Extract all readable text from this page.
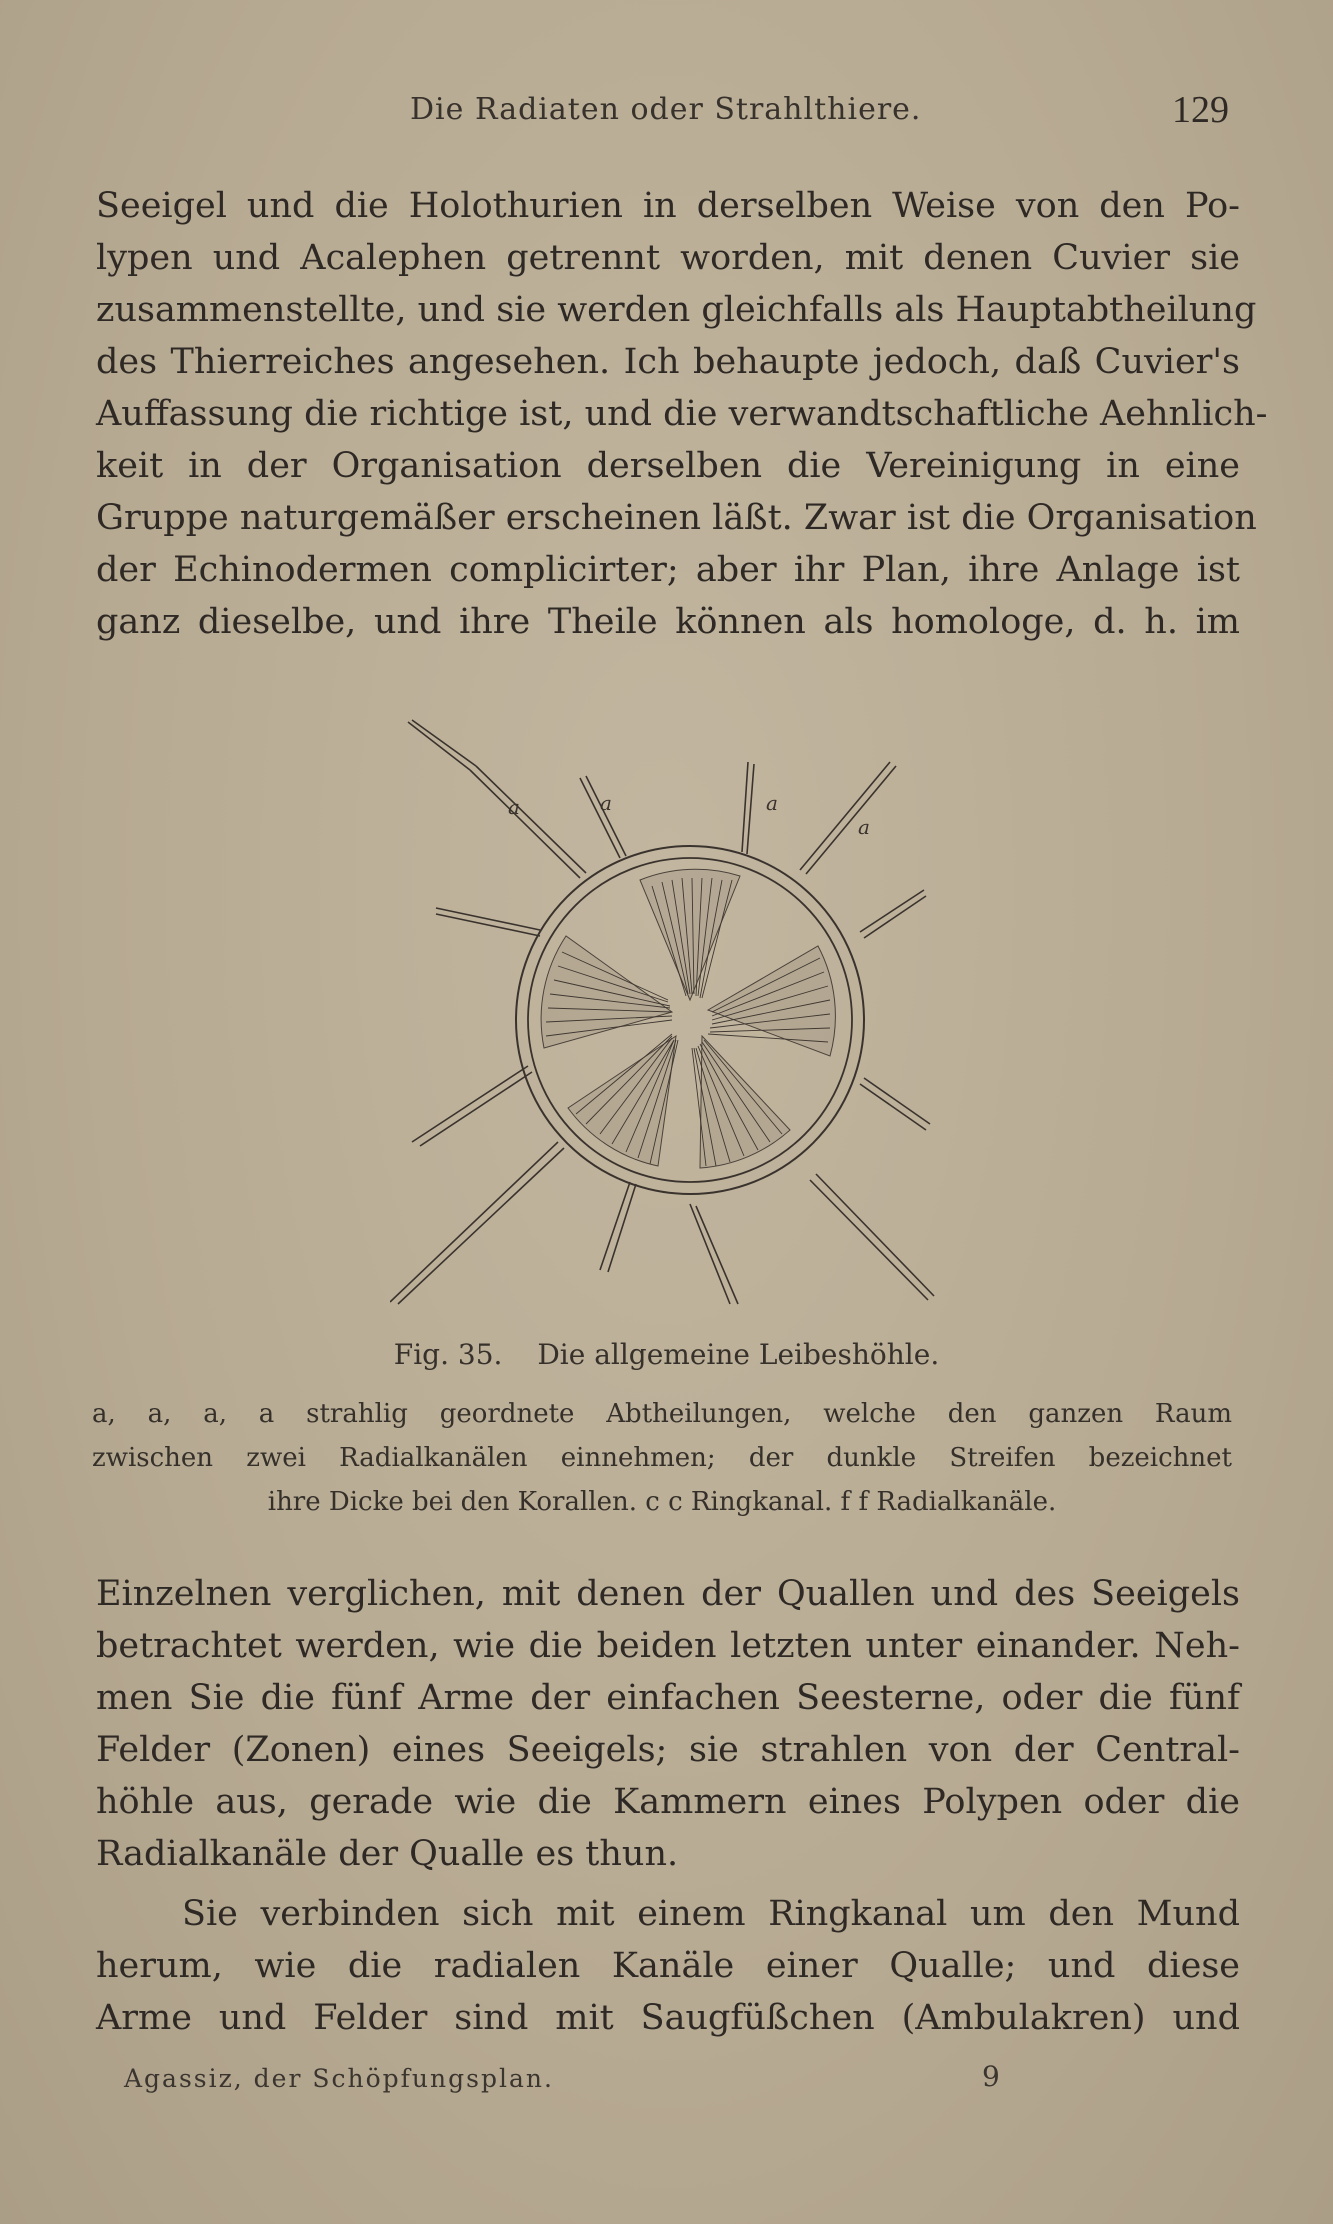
Die Radiaten oder Strahlthiere.	129
Seeigel und die Holothurien in derselben Weise von den Po-
lypen und Acalephen getrennt worden, mit denen Cuvier sie
zusammenstellte, und sie werden gleichfalls als Hauptabtheilung
des Thierreiches angesehen. Ich behaupte jedoch, daß Cuvier's
Auffassung die richtige ist, und die verwandtschaftliche Aehnlich-
keit in der Organisation derselben die Vereinigung in eine
Gruppe naturgemäßer erscheinen läßt. Zwar ist die Organisation
der Echinodermen complicirter; aber ihr Plan, ihre Anlage ist
ganz dieselbe, und ihre Theile können als homologe, d. h. im
a	a	a
a
Fig. 35. Die allgemeine Leibeshöhle.
a, a, a, a strahlig geordnete Abtheilungen, welche den ganzen Raum
zwischen zwei Radialkanälen einnehmen; der dunkle Streifen bezeichnet
ihre Dicke bei den Korallen. c c Ringkanal. f f Radialkanäle.
Einzelnen verglichen, mit denen der Quallen und des Seeigels
betrachtet werden, wie die beiden letzten unter einander. Neh-
men Sie die fünf Arme der einfachen Seesterne, oder die fünf
Felder (Zonen) eines Seeigels; sie strahlen von der Central-
höhle aus, gerade wie die Kammern eines Polypen oder die
Radialkanäle der Qualle es thun.
Sie verbinden sich mit einem Ringkanal um den Mund
herum, wie die radialen Kanäle einer Qualle; und diese
Arme und Felder sind mit Saugfüßchen (Ambulakren) und
Agassiz, der Schöpfungsplan.	9
